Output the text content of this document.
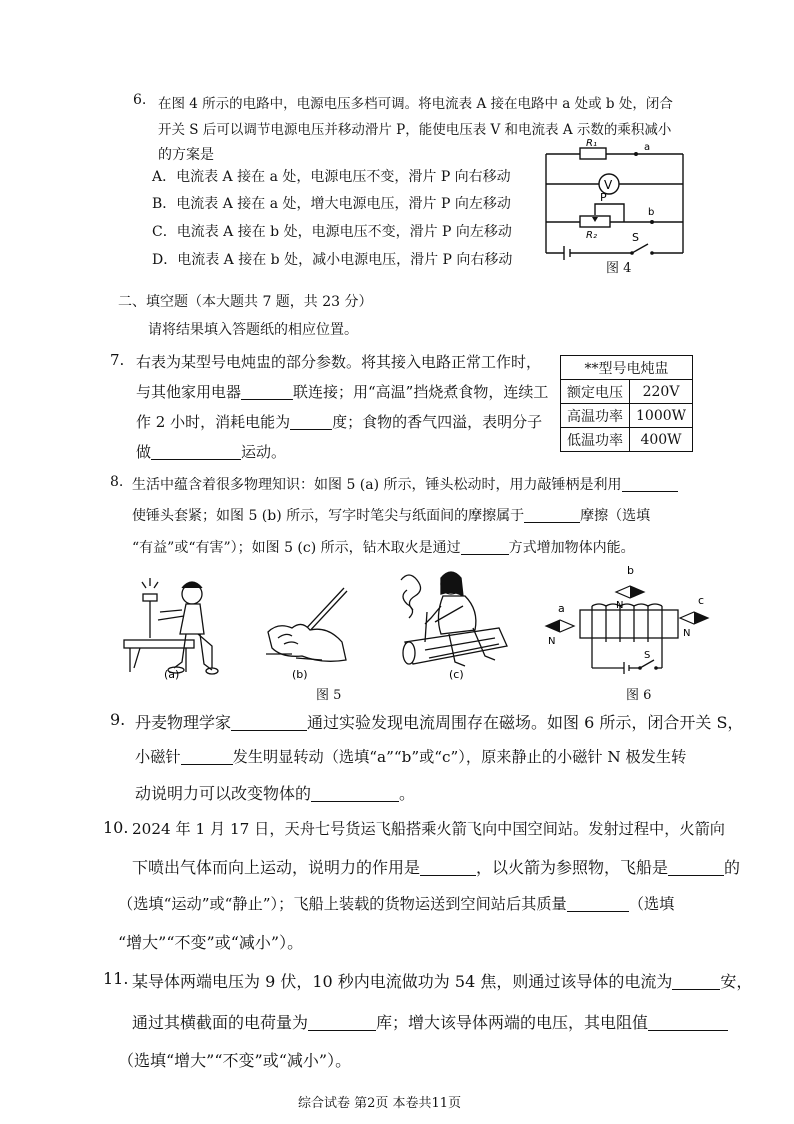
6. 在图 4 所示的电路中，电源电压多档可调。将电流表 A 接在电路中 a 处或 b 处，闭合
开关 S 后可以调节电源电压并移动滑片 P，能使电压表 V 和电流表 A 示数的乘积减小
的方案是
A．电流表 A 接在 a 处，电源电压不变，滑片 P 向右移动
B．电流表 A 接在 a 处，增大电源电压，滑片 P 向左移动
C．电流表 A 接在 b 处，电源电压不变，滑片 P 向左移动
D．电流表 A 接在 b 处，减小电源电压，滑片 P 向右移动
R₁	a
V
P
R₂
b
S
图 4
二、填空题（本大题共 7 题，共 23 分）
请将结果填入答题纸的相应位置。
7. 右表为某型号电炖盅的部分参数。将其接入电路正常工作时，
与其他家用电器	联连接；用“高温”挡烧煮食物，连续工
作 2 小时，消耗电能为	度；食物的香气四溢，表明分子
做	运动。
**型号电炖盅	
额定电压	220V
高温功率	1000W
低温功率	400W
8. 生活中蕴含着很多物理知识：如图 5 (a) 所示，锤头松动时，用力敲锤柄是利用
使锤头套紧；如图 5 (b) 所示，写字时笔尖与纸面间的摩擦属于	摩擦（选填
“有益”或“有害”）；如图 5 (c) 所示，钻木取火是通过	方式增加物体内能。
(a)	(b)	(c)
图 5
a
N
b
N	c
N
S
图 6
9. 丹麦物理学家	通过实验发现电流周围存在磁场。如图 6 所示，闭合开关 S，
小磁针	发生明显转动（选填“a”“b”或“c”），原来静止的小磁针 N 极发生转
动说明力可以改变物体的	。
10. 2024 年 1 月 17 日，天舟七号货运飞船搭乘火箭飞向中国空间站。发射过程中，火箭向
下喷出气体而向上运动，说明力的作用是	，以火箭为参照物，飞船是	的
（选填“运动”或“静止”）；飞船上装载的货物运送到空间站后其质量	（选填
“增大”“不变”或“减小”）。
11. 某导体两端电压为 9 伏，10 秒内电流做功为 54 焦，则通过该导体的电流为	安，
通过其横截面的电荷量为	库；增大该导体两端的电压，其电阻值
（选填“增大”“不变”或“减小”）。
综合试卷 第2页 本卷共11页
